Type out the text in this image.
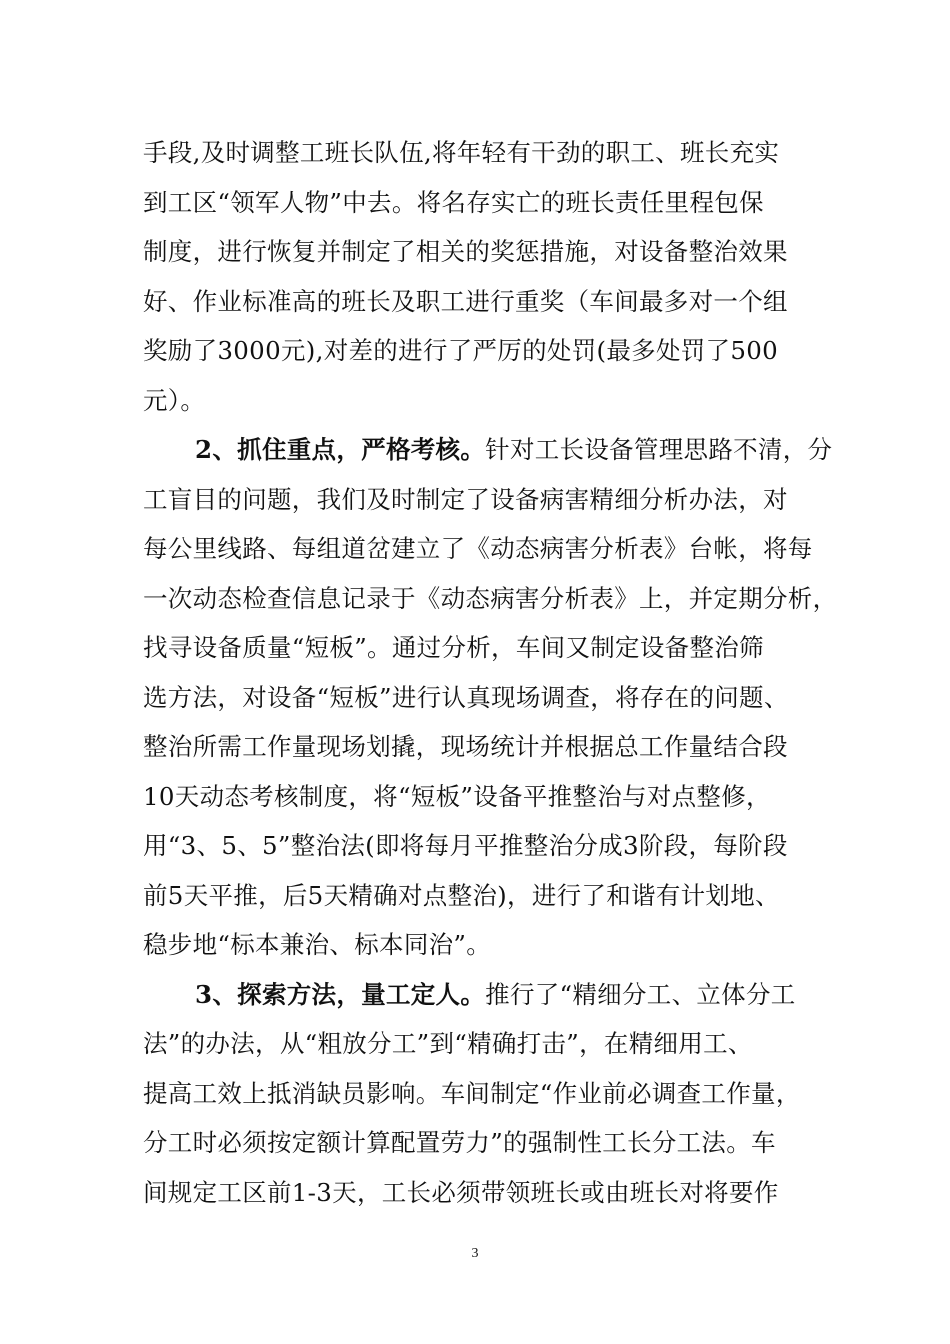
手段,及时调整工班长队伍,将年轻有干劲的职工、班长充实
到工区“领军人物”中去。将名存实亡的班长责任里程包保
制度，进行恢复并制定了相关的奖惩措施，对设备整治效果
好、作业标准高的班长及职工进行重奖（车间最多对一个组
奖励了3000元),对差的进行了严厉的处罚(最多处罚了500
元）。
2、抓住重点，严格考核。针对工长设备管理思路不清，分
工盲目的问题，我们及时制定了设备病害精细分析办法，对
每公里线路、每组道岔建立了《动态病害分析表》台帐，将每
一次动态检查信息记录于《动态病害分析表》上，并定期分析，
找寻设备质量“短板”。通过分析，车间又制定设备整治筛
选方法，对设备“短板”进行认真现场调查，将存在的问题、
整治所需工作量现场划撬，现场统计并根据总工作量结合段
10天动态考核制度，将“短板”设备平推整治与对点整修，
用“3、5、5”整治法(即将每月平推整治分成3阶段，每阶段
前5天平推，后5天精确对点整治)，进行了和谐有计划地、
稳步地“标本兼治、标本同治”。
3、探索方法，量工定人。推行了“精细分工、立体分工
法”的办法，从“粗放分工”到“精确打击”，在精细用工、
提高工效上抵消缺员影响。车间制定“作业前必调查工作量，
分工时必须按定额计算配置劳力”的强制性工长分工法。车
间规定工区前1-3天，工长必须带领班长或由班长对将要作
3
